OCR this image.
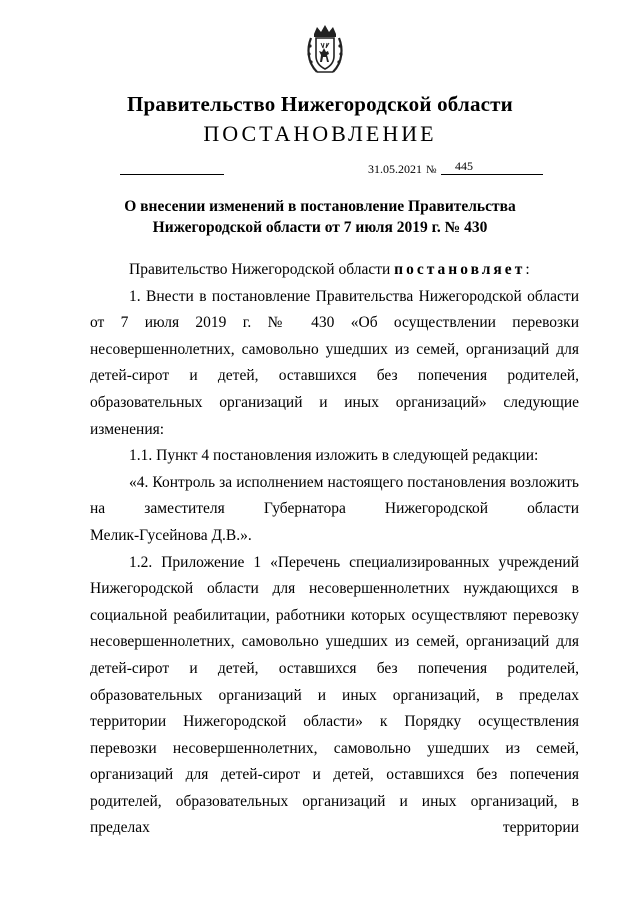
Правительство Нижегородской области
ПОСТАНОВЛЕНИЕ
31.05.2021 № 445
О внесении изменений в постановление Правительства
Нижегородской области от 7 июля 2019 г. № 430

Правительство Нижегородской области постановляет:

1. Внести в постановление Правительства Нижегородской области от 7 июля 2019 г. № 430 «Об осуществлении перевозки несовершеннолетних, самовольно ушедших из семей, организаций для детей-сирот и детей, оставшихся без попечения родителей, образовательных организаций и иных организаций» следующие изменения:

1.1. Пункт 4 постановления изложить в следующей редакции:

«4. Контроль за исполнением настоящего постановления возложить на заместителя Губернатора Нижегородской области

Мелик-Гусейнова Д.В.».

1.2. Приложение 1 «Перечень специализированных учреждений Нижегородской области для несовершеннолетних нуждающихся в социальной реабилитации, работники которых осуществляют перевозку несовершеннолетних, самовольно ушедших из семей, организаций для детей-сирот и детей, оставшихся без попечения родителей, образовательных организаций и иных организаций, в пределах территории Нижегородской области» к Порядку осуществления перевозки несовершеннолетних, самовольно ушедших из семей, организаций для детей-сирот и детей, оставшихся без попечения родителей, образовательных организаций и иных организаций, в пределах территории
